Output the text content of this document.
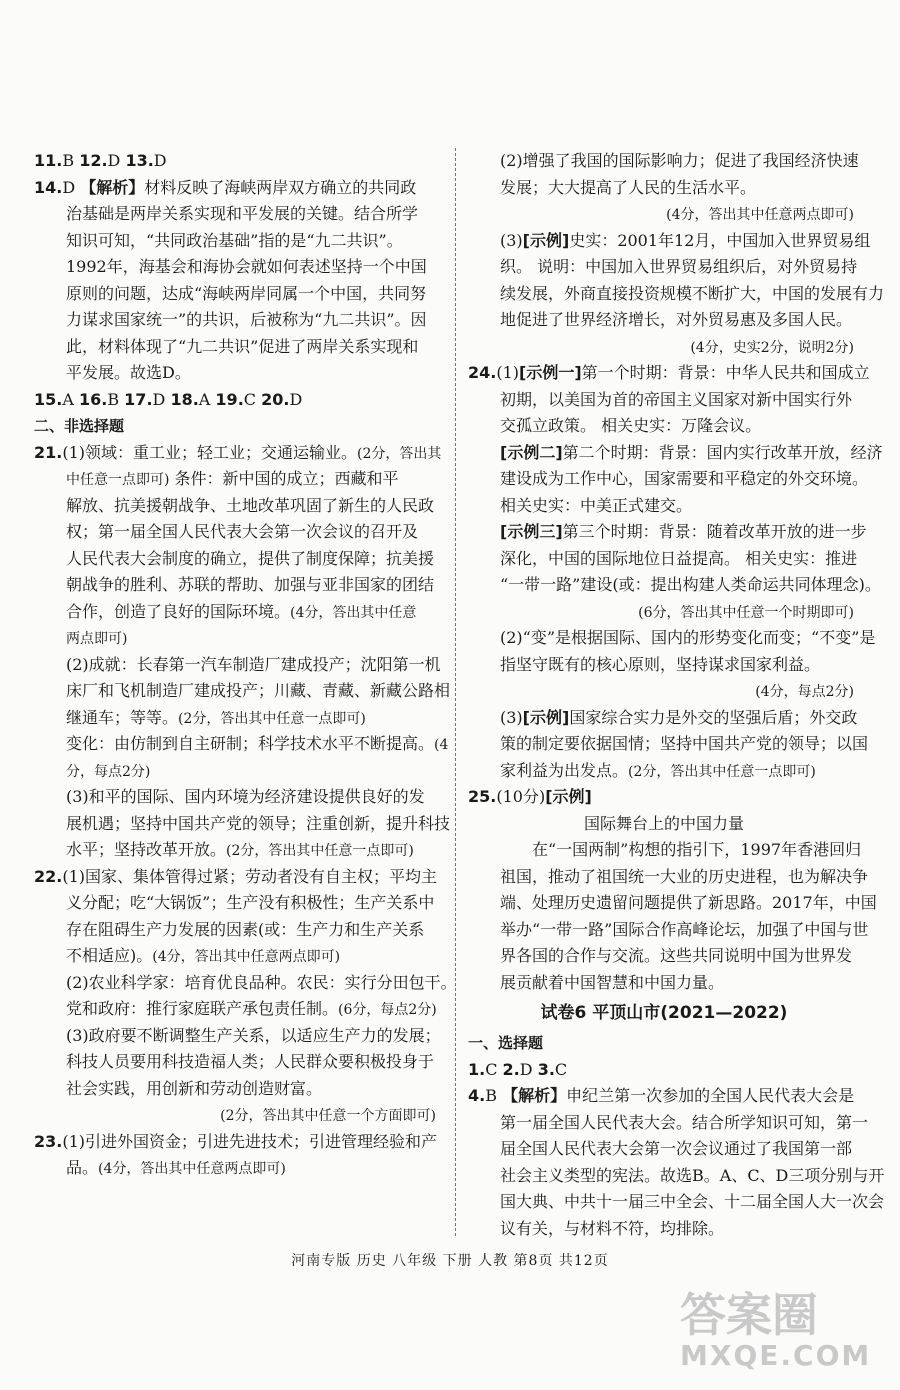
11.B 12.D 13.D
14.D 【解析】材料反映了海峡两岸双方确立的共同政
治基础是两岸关系实现和平发展的关键。结合所学
知识可知，“共同政治基础”指的是“九二共识”。
1992年，海基会和海协会就如何表述坚持一个中国
原则的问题，达成“海峡两岸同属一个中国，共同努
力谋求国家统一”的共识，后被称为“九二共识”。因
此，材料体现了“九二共识”促进了两岸关系实现和
平发展。故选D。
15.A 16.B 17.D 18.A 19.C 20.D
二、非选择题
21.(1)领域：重工业；轻工业；交通运输业。(2分，答出其
中任意一点即可) 条件：新中国的成立；西藏和平
解放、抗美援朝战争、土地改革巩固了新生的人民政
权；第一届全国人民代表大会第一次会议的召开及
人民代表大会制度的确立，提供了制度保障；抗美援
朝战争的胜利、苏联的帮助、加强与亚非国家的团结
合作，创造了良好的国际环境。(4分，答出其中任意
两点即可)
(2)成就：长春第一汽车制造厂建成投产；沈阳第一机
床厂和飞机制造厂建成投产；川藏、青藏、新藏公路相
继通车；等等。(2分，答出其中任意一点即可)
变化：由仿制到自主研制；科学技术水平不断提高。(4
分，每点2分)
(3)和平的国际、国内环境为经济建设提供良好的发
展机遇；坚持中国共产党的领导；注重创新，提升科技
水平；坚持改革开放。(2分，答出其中任意一点即可)
22.(1)国家、集体管得过紧；劳动者没有自主权；平均主
义分配；吃“大锅饭”；生产没有积极性；生产关系中
存在阻碍生产力发展的因素(或：生产力和生产关系
不相适应)。(4分，答出其中任意两点即可)
(2)农业科学家：培育优良品种。农民：实行分田包干。
党和政府：推行家庭联产承包责任制。(6分，每点2分)
(3)政府要不断调整生产关系，以适应生产力的发展；
科技人员要用科技造福人类；人民群众要积极投身于
社会实践，用创新和劳动创造财富。
(2分，答出其中任意一个方面即可)
23.(1)引进外国资金；引进先进技术；引进管理经验和产
品。(4分，答出其中任意两点即可)
(2)增强了我国的国际影响力；促进了我国经济快速
发展；大大提高了人民的生活水平。
(4分，答出其中任意两点即可)
(3)[示例]史实：2001年12月，中国加入世界贸易组
织。 说明：中国加入世界贸易组织后，对外贸易持
续发展，外商直接投资规模不断扩大，中国的发展有力
地促进了世界经济增长，对外贸易惠及多国人民。
(4分，史实2分，说明2分)
24.(1)[示例一]第一个时期：背景：中华人民共和国成立
初期，以美国为首的帝国主义国家对新中国实行外
交孤立政策。 相关史实：万隆会议。
[示例二]第二个时期：背景：国内实行改革开放，经济
建设成为工作中心，国家需要和平稳定的外交环境。
相关史实：中美正式建交。
[示例三]第三个时期：背景：随着改革开放的进一步
深化，中国的国际地位日益提高。 相关史实：推进
“一带一路”建设(或：提出构建人类命运共同体理念)。
(6分，答出其中任意一个时期即可)
(2)“变”是根据国际、国内的形势变化而变；“不变”是
指坚守既有的核心原则，坚持谋求国家利益。
(4分，每点2分)
(3)[示例]国家综合实力是外交的坚强后盾；外交政
策的制定要依据国情；坚持中国共产党的领导；以国
家利益为出发点。(2分，答出其中任意一点即可)
25.(10分)[示例]
国际舞台上的中国力量
在“一国两制”构想的指引下，1997年香港回归
祖国，推动了祖国统一大业的历史进程，也为解决争
端、处理历史遗留问题提供了新思路。2017年，中国
举办“一带一路”国际合作高峰论坛，加强了中国与世
界各国的合作与交流。这些共同说明中国为世界发
展贡献着中国智慧和中国力量。
试卷6 平顶山市(2021—2022)
一、选择题
1.C 2.D 3.C
4.B 【解析】申纪兰第一次参加的全国人民代表大会是
第一届全国人民代表大会。结合所学知识可知，第一
届全国人民代表大会第一次会议通过了我国第一部
社会主义类型的宪法。故选B。A、C、D三项分别与开
国大典、中共十一届三中全会、十二届全国人大一次会
议有关，与材料不符，均排除。
河南专版 历史 八年级 下册 人教 第8页 共12页
答案圈
MXQE.COM
